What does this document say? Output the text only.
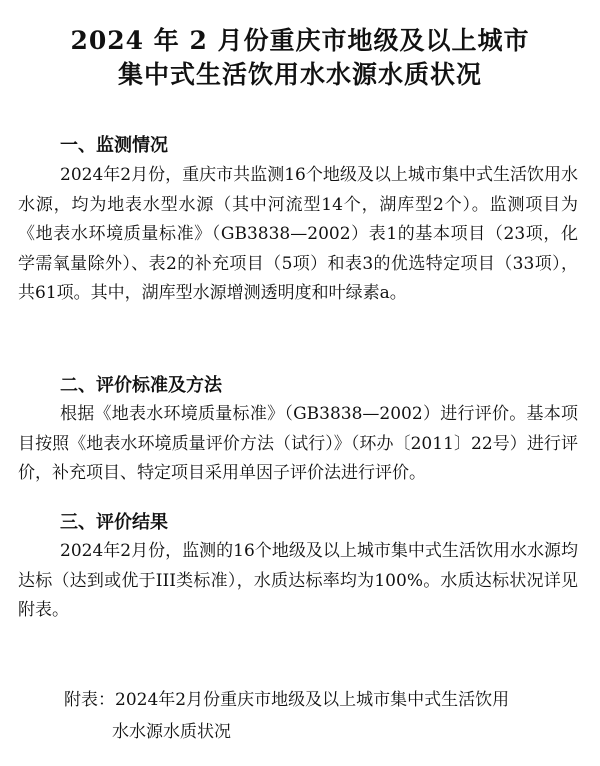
2024 年 2 月份重庆市地级及以上城市
集中式生活饮用水水源水质状况
一、监测情况
2024年2月份，重庆市共监测16个地级及以上城市集中式生活饮用水水源，均为地表水型水源（其中河流型14个，湖库型2个）。监测项目为《地表水环境质量标准》（GB3838—2002）表1的基本项目（23项，化学需氧量除外）、表2的补充项目（5项）和表3的优选特定项目（33项），共61项。其中，湖库型水源增测透明度和叶绿素a。
二、评价标准及方法
根据《地表水环境质量标准》（GB3838—2002）进行评价。基本项目按照《地表水环境质量评价方法（试行）》（环办〔2011〕22号）进行评价，补充项目、特定项目采用单因子评价法进行评价。
三、评价结果
2024年2月份，监测的16个地级及以上城市集中式生活饮用水水源均达标（达到或优于III类标准），水质达标率均为100%。水质达标状况详见附表。
附表：2024年2月份重庆市地级及以上城市集中式生活饮用
水水源水质状况
